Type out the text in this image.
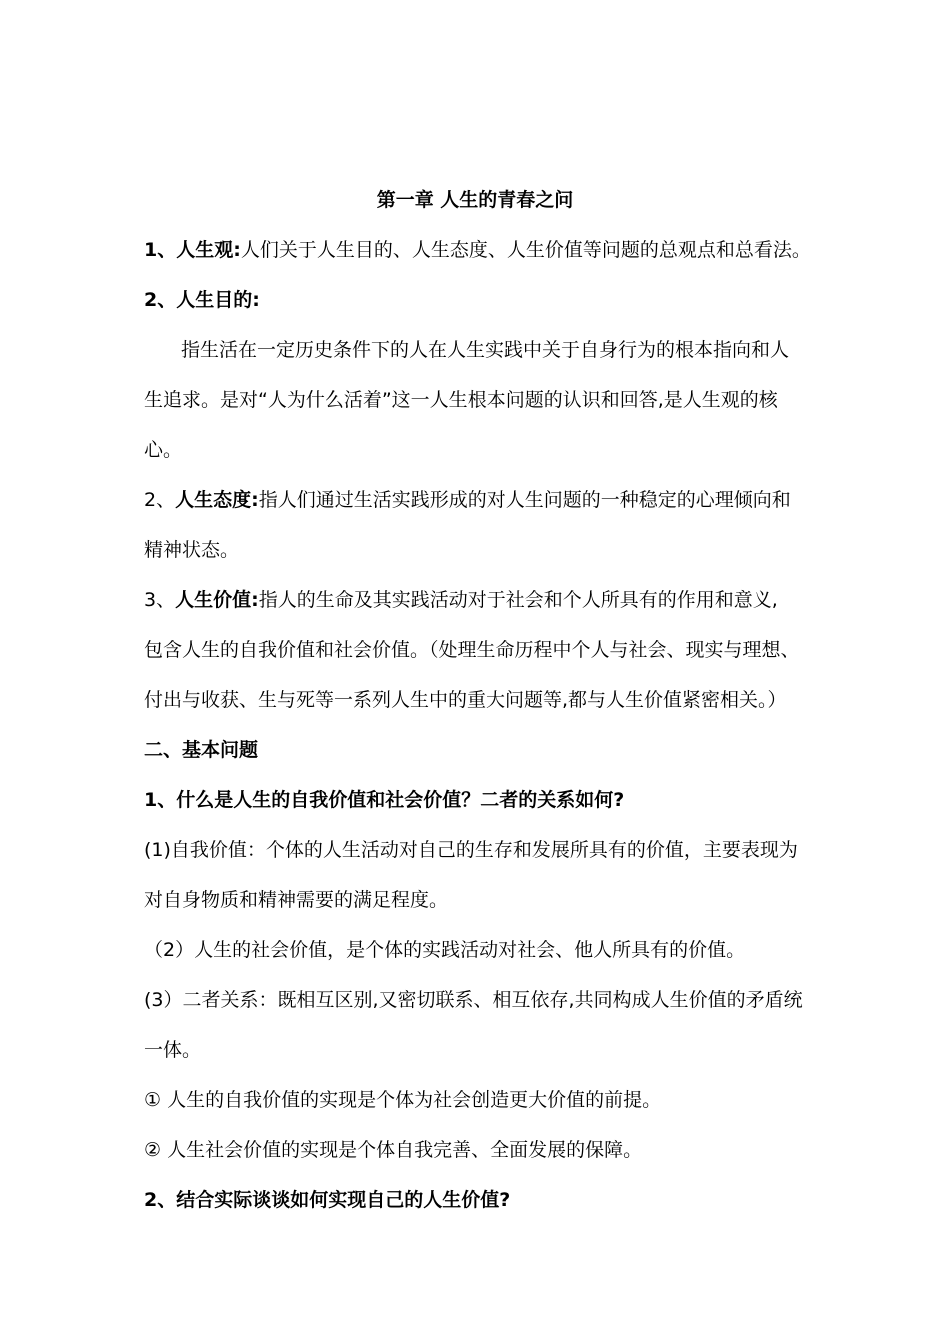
第一章 人生的青春之问
1、人生观:人们关于人生目的、人生态度、人生价值等问题的总观点和总看法。
2、人生目的:
指生活在一定历史条件下的人在人生实践中关于自身行为的根本指向和人
生追求。是对“人为什么活着”这一人生根本问题的认识和回答,是人生观的核
心。
2、人生态度:指人们通过生活实践形成的对人生问题的一种稳定的心理倾向和
精神状态。
3、人生价值:指人的生命及其实践活动对于社会和个人所具有的作用和意义,
包含人生的自我价值和社会价值。（处理生命历程中个人与社会、现实与理想、
付出与收获、生与死等一系列人生中的重大问题等,都与人生价值紧密相关。）
二、基本问题
1、什么是人生的自我价值和社会价值？二者的关系如何?
(1)自我价值：个体的人生活动对自己的生存和发展所具有的价值，主要表现为
对自身物质和精神需要的满足程度。
（2）人生的社会价值，是个体的实践活动对社会、他人所具有的价值。
(3）二者关系：既相互区别,又密切联系、相互依存,共同构成人生价值的矛盾统
一体。
① 人生的自我价值的实现是个体为社会创造更大价值的前提。
② 人生社会价值的实现是个体自我完善、全面发展的保障。
2、结合实际谈谈如何实现自己的人生价值?
